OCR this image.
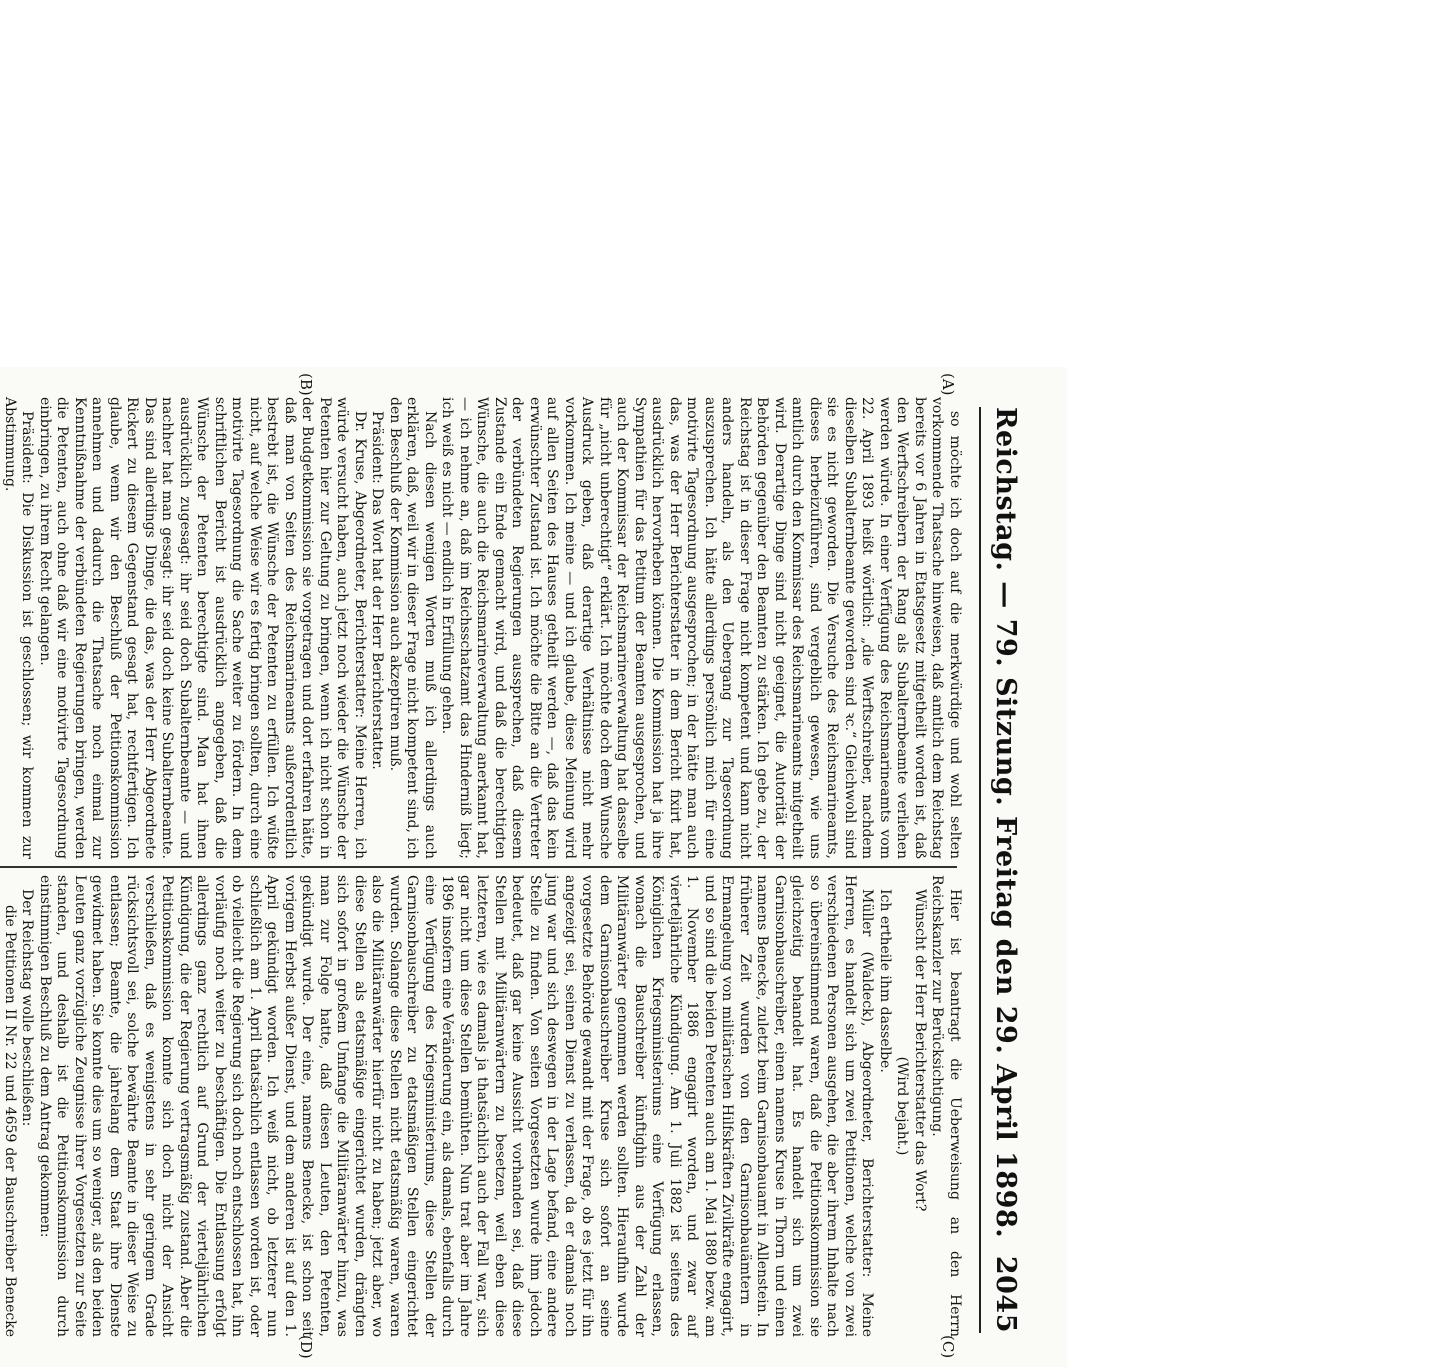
Reichstag. — 79. Sitzung. Freitag den 29. April 1898.
2045
(A)
(B)
(C)
(D)

so möchte ich doch auf die merkwürdige und wohl selten vorkommende Thatsache hinweisen, daß amtlich dem Reichstag bereits vor 6 Jahren in Etatsgesetz mitgetheilt worden ist, daß den Werftschreibern der Rang als Subalternbeamte verliehen werden würde. In einer Verfügung des Reichsmarineamts vom 22. April 1893 heißt wörtlich: „die Werftschreiber, nachdem dieselben Subalternbeamte geworden sind ꝛc.“ Gleichwohl sind sie es nicht geworden. Die Versuche des Reichsmarineamts, dieses herbeizuführen, sind vergeblich gewesen, wie uns amtlich durch den Kommissar des Reichsmarineamts mitgetheilt wird. Derartige Dinge sind nicht geeignet, die Autorität der Behörden gegenüber den Beamten zu stärken. Ich gebe zu, der Reichstag ist in dieser Frage nicht kompetent und kann nicht anders handeln, als den Uebergang zur Tagesordnung auszusprechen. Ich hätte allerdings persönlich mich für eine motivirte Tagesordnung ausgesprochen; in der hätte man auch das, was der Herr Berichterstatter in dem Bericht fixirt hat, ausdrücklich hervorheben können. Die Kommission hat ja ihre Sympathien für das Petitum der Beamten ausgesprochen, und auch der Kommissar der Reichsmarineverwaltung hat dasselbe für „nicht unberechtigt“ erklärt. Ich möchte doch dem Wunsche Ausdruck geben, daß derartige Verhältnisse nicht mehr vorkommen. Ich meine — und ich glaube, diese Meinung wird auf allen Seiten des Hauses getheilt werden —, daß das kein erwünschter Zustand ist. Ich möchte die Bitte an die Vertreter der verbündeten Regierungen aussprechen, daß diesem Zustande ein Ende gemacht wird, und daß die berechtigten Wünsche, die auch die Reichsmarineverwaltung anerkannt hat, — ich nehme an, daß im Reichsschatzamt das Hinderniß liegt; ich weiß es nicht — endlich in Erfüllung gehen.

Nach diesen wenigen Worten muß ich allerdings auch erklären, daß, weil wir in dieser Frage nicht kompetent sind, ich den Beschluß der Kommission auch akzeptiren muß.

Präsident: Das Wort hat der Herr Berichterstatter.

Dr. Kruse, Abgeordneter, Berichterstatter: Meine Herren, ich würde versucht haben, auch jetzt noch wieder die Wünsche der Petenten hier zur Geltung zu bringen, wenn ich nicht schon in der Budgetkommission sie vorgetragen und dort erfahren hätte, daß man von Seiten des Reichsmarineamts außerordentlich bestrebt ist, die Wünsche der Petenten zu erfüllen. Ich wüßte nicht, auf welche Weise wir es fertig bringen sollten, durch eine motivirte Tagesordnung die Sache weiter zu fördern. In dem schriftlichen Bericht ist ausdrücklich angegeben, daß die Wünsche der Petenten berechtigte sind. Man hat ihnen ausdrücklich zugesagt: ihr seid doch Subalternbeamte — und nachher hat man gesagt: ihr seid doch keine Subalternbeamte. Das sind allerdings Dinge, die das, was der Herr Abgeordnete Rickert zu diesem Gegenstand gesagt hat, rechtfertigen. Ich glaube, wenn wir den Beschluß der Petitionskommission annehmen und dadurch die Thatsache noch einmal zur Kenntnißnahme der verbündeten Regierungen bringen, werden die Petenten, auch ohne daß wir eine motivirte Tagesordnung einbringen, zu ihrem Recht gelangen.

Präsident: Die Diskussion ist geschlossen; wir kommen zur Abstimmung.

Hier ist beantragt die Ueberweisung an den Herrn Reichskanzler zur Berücksichtigung.

Wünscht der Herr Berichterstatter das Wort?

(Wird bejaht.)

Ich ertheile ihm dasselbe.

Müller (Waldeck), Abgeordneter, Berichterstatter: Meine Herren, es handelt sich um zwei Petitionen, welche von zwei verschiedenen Personen ausgehen, die aber ihrem Inhalte nach so übereinstimmend waren, daß die Petitionskommission sie gleichzeitig behandelt hat. Es handelt sich um zwei Garnisonbauschreiber, einen namens Kruse in Thorn und einen namens Benecke, zuletzt beim Garnisonbauamt in Allenstein. In früherer Zeit wurden von den Garnisonbauämtern in Ermangelung von militärischen Hilfskräften Zivilkräfte engagirt, und so sind die beiden Petenten auch am 1. Mai 1880 bezw. am 1. November 1886 engagirt worden, und zwar auf vierteljährliche Kündigung. Am 1. Juli 1882 ist seitens des Königlichen Kriegsministeriums eine Verfügung erlassen, wonach die Bauschreiber künftighin aus der Zahl der Militäranwärter genommen werden sollten. Hieraufhin wurde dem Garnisonbauschreiber Kruse sich sofort an seine vorgesetzte Behörde gewandt mit der Frage, ob es jetzt für ihn angezeigt sei, seinen Dienst zu verlassen, da er damals noch jung war und sich deswegen in der Lage befand, eine andere Stelle zu finden. Von seiten Vorgesetzten wurde ihm jedoch bedeutet, daß gar keine Aussicht vorhanden sei, daß diese Stellen mit Militäranwärtern zu besetzen, weil eben diese letzteren, wie es damals ja thatsächlich auch der Fall war, sich gar nicht um diese Stellen bemühten. Nun trat aber im Jahre 1896 insofern eine Veränderung ein, als damals, ebenfalls durch eine Verfügung des Kriegsministeriums, diese Stellen der Garnisonbauschreiber zu etatsmäßigen Stellen eingerichtet wurden. Solange diese Stellen nicht etatsmäßig waren, waren also die Militäranwärter hierfür nicht zu haben; jetzt aber, wo diese Stellen als etatsmäßige eingerichtet wurden, drängten sich sofort in großem Umfange die Militäranwärter hinzu, was man zur Folge hatte, daß diesen Leuten, den Petenten, gekündigt wurde. Der eine, namens Benecke, ist schon seit vorigem Herbst außer Dienst, und dem anderen ist auf den 1. April gekündigt worden. Ich weiß nicht, ob letzterer nun schließlich am 1. April thatsächlich entlassen worden ist, oder ob vielleicht die Regierung sich doch noch entschlossen hat, ihn vorläufig noch weiter zu beschäftigen. Die Entlassung erfolgt allerdings ganz rechtlich auf Grund der vierteljährlichen Kündigung, die der Regierung vertragsmäßig zustand. Aber die Petitionskommission konnte sich doch nicht der Ansicht verschließen, daß es wenigstens in sehr geringem Grade rücksichtsvoll sei, solche bewährte Beamte in dieser Weise zu entlassen; Beamte, die jahrelang dem Staat ihre Dienste gewidmet haben. Sie konnte dies um so weniger, als den beiden Leuten ganz vorzügliche Zeugnisse ihrer Vorgesetzten zur Seite standen, und deshalb ist die Petitionskommission durch einstimmigen Beschluß zu dem Antrag gekommen:

Der Reichstag wolle beschließen:

die Petitionen II Nr. 22 und 4659 der Bauschreiber Benecke
